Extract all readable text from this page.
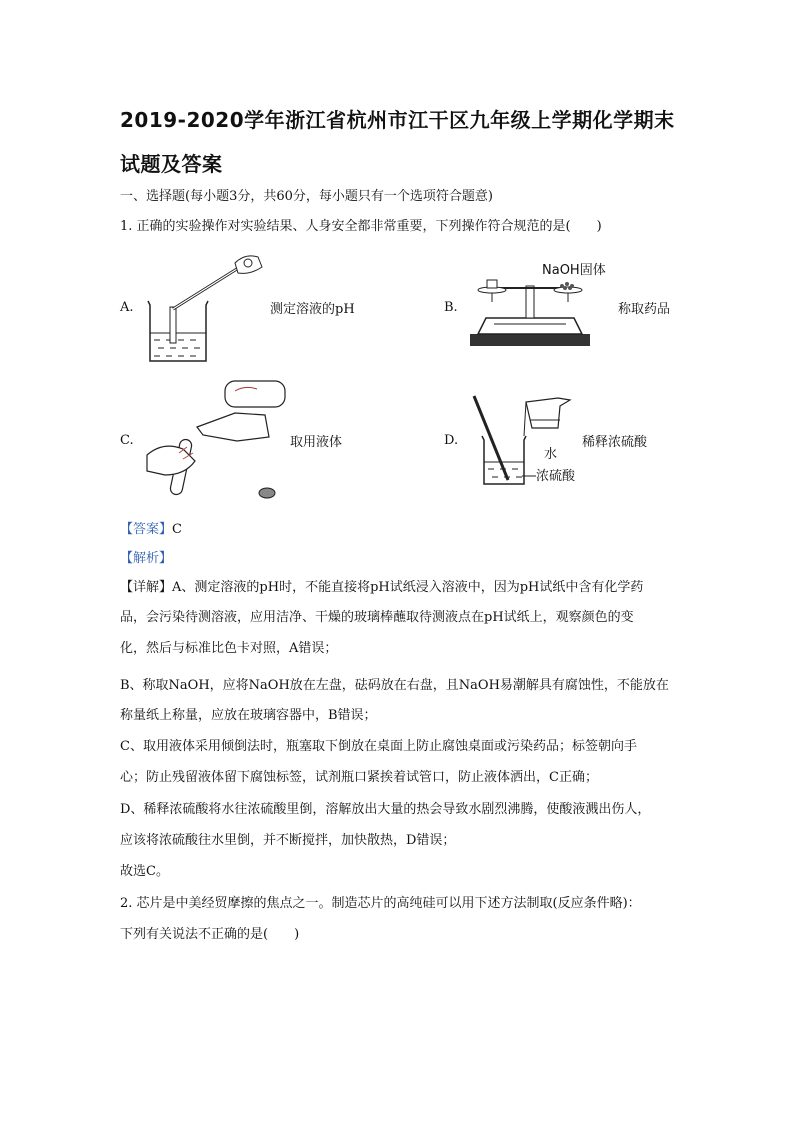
2019-2020学年浙江省杭州市江干区九年级上学期化学期末
试题及答案
一、选择题(每小题3分，共60分，每小题只有一个选项符合题意)
1. 正确的实验操作对实验结果、人身安全都非常重要，下列操作符合规范的是(　　)
A.	测定溶液的pH	B.
NaOH固体
称取药品
C.	取用液体	D.
水
浓硫酸
稀释浓硫酸
【答案】C
【解析】
【详解】A、测定溶液的pH时，不能直接将pH试纸浸入溶液中，因为pH试纸中含有化学药
品，会污染待测溶液，应用洁净、干燥的玻璃棒蘸取待测液点在pH试纸上，观察颜色的变
化，然后与标准比色卡对照，A错误；
B、称取NaOH，应将NaOH放在左盘，砝码放在右盘，且NaOH易潮解具有腐蚀性，不能放在
称量纸上称量，应放在玻璃容器中，B错误；
C、取用液体采用倾倒法时，瓶塞取下倒放在桌面上防止腐蚀桌面或污染药品；标签朝向手
心；防止残留液体留下腐蚀标签，试剂瓶口紧挨着试管口，防止液体洒出，C正确；
D、稀释浓硫酸将水往浓硫酸里倒，溶解放出大量的热会导致水剧烈沸腾，使酸液溅出伤人，
应该将浓硫酸往水里倒，并不断搅拌，加快散热，D错误；
故选C。
2. 芯片是中美经贸摩擦的焦点之一。制造芯片的高纯硅可以用下述方法制取(反应条件略)：
下列有关说法不正确的是(　　)
